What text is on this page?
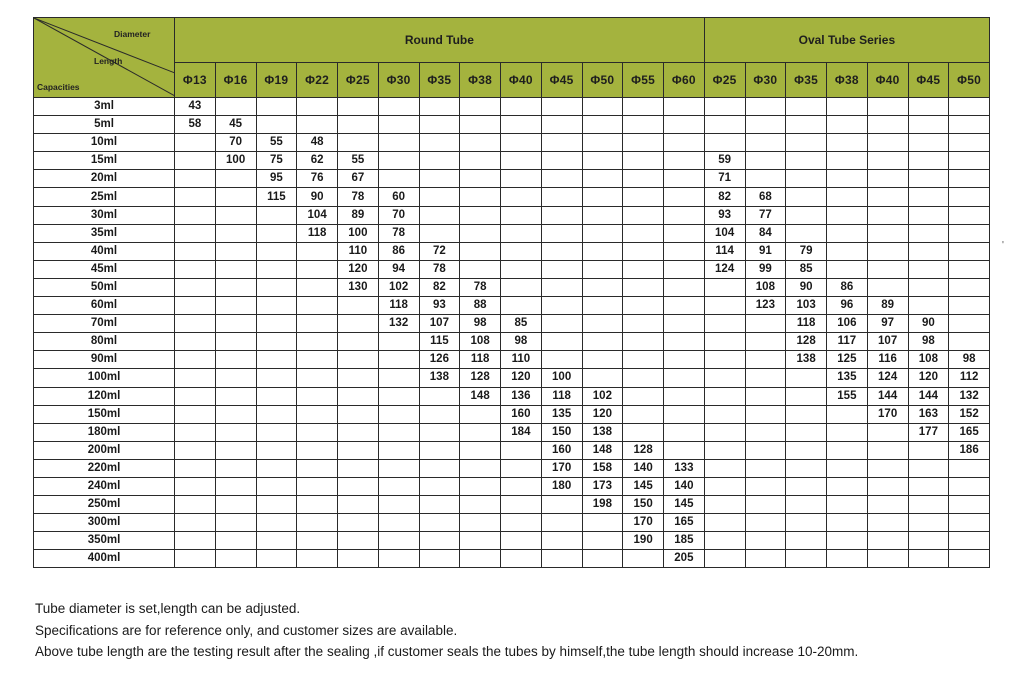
Diameter
Length
Capacities	Round Tube													Oval Tube Series						
	Φ13	Φ16	Φ19	Φ22	Φ25	Φ30	Φ35	Φ38	Φ40	Φ45	Φ50	Φ55	Φ60	Φ25	Φ30	Φ35	Φ38	Φ40	Φ45	Φ50
3ml	43																			
5ml	58	45																		
10ml		70	55	48																
15ml		100	75	62	55									59						
20ml			95	76	67									71						
25ml			115	90	78	60								82	68					
30ml				104	89	70								93	77					
35ml				118	100	78								104	84					
40ml					110	86	72							114	91	79				
45ml					120	94	78							124	99	85				
50ml					130	102	82	78							108	90	86			
60ml						118	93	88							123	103	96	89		
70ml						132	107	98	85							118	106	97	90	
80ml							115	108	98							128	117	107	98	
90ml							126	118	110							138	125	116	108	98
100ml							138	128	120	100							135	124	120	112
120ml								148	136	118	102						155	144	144	132
150ml									160	135	120							170	163	152
180ml									184	150	138								177	165
200ml										160	148	128								186
220ml										170	158	140	133							
240ml										180	173	145	140							
250ml											198	150	145							
300ml												170	165							
350ml												190	185							
400ml													205							
Tube diameter is set,length can be adjusted.
Specifications are for reference only, and customer sizes are available.
Above tube length are the testing result after the sealing ,if customer seals the tubes by himself,the tube length should increase 10-20mm.
'
